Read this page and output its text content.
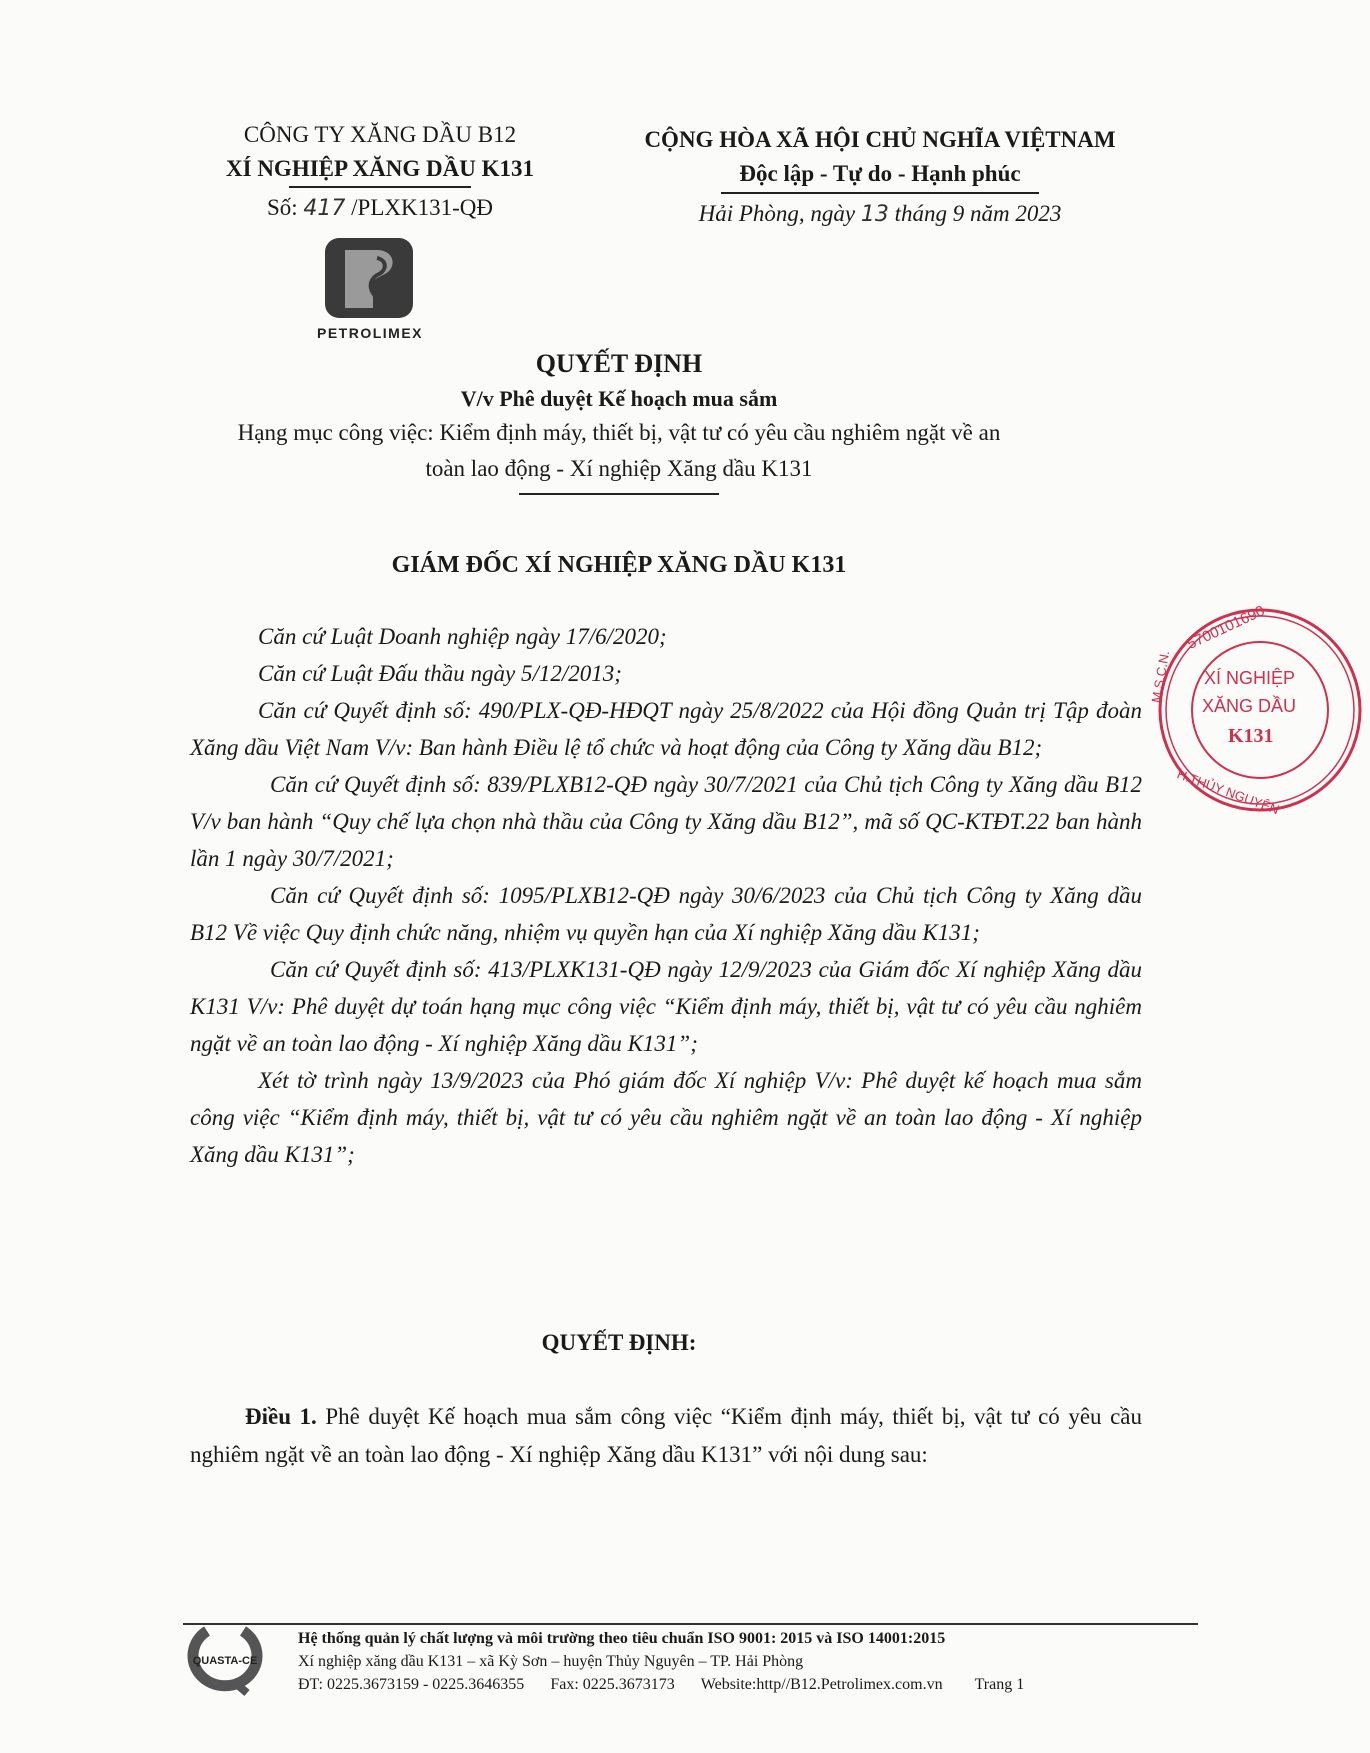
CÔNG TY XĂNG DẦU B12
XÍ NGHIỆP XĂNG DẦU K131
Số: 417 /PLXK131-QĐ
PETROLIMEX
CỘNG HÒA XÃ HỘI CHỦ NGHĨA VIỆTNAM
Độc lập - Tự do - Hạnh phúc
Hải Phòng, ngày 13 tháng 9 năm 2023
QUYẾT ĐỊNH
V/v Phê duyệt Kế hoạch mua sắm
Hạng mục công việc: Kiểm định máy, thiết bị, vật tư có yêu cầu nghiêm ngặt về an
toàn lao động - Xí nghiệp Xăng dầu K131
GIÁM ĐỐC XÍ NGHIỆP XĂNG DẦU K131

Căn cứ Luật Doanh nghiệp ngày 17/6/2020;

Căn cứ Luật Đấu thầu ngày 5/12/2013;

Căn cứ Quyết định số: 490/PLX-QĐ-HĐQT ngày 25/8/2022 của Hội đồng Quản trị Tập đoàn Xăng dầu Việt Nam V/v: Ban hành Điều lệ tổ chức và hoạt động của Công ty Xăng dầu B12;

Căn cứ Quyết định số: 839/PLXB12-QĐ ngày 30/7/2021 của Chủ tịch Công ty Xăng dầu B12 V/v ban hành “Quy chế lựa chọn nhà thầu của Công ty Xăng dầu B12”, mã số QC-KTĐT.22 ban hành lần 1 ngày 30/7/2021;

Căn cứ Quyết định số: 1095/PLXB12-QĐ ngày 30/6/2023 của Chủ tịch Công ty Xăng dầu B12 Về việc Quy định chức năng, nhiệm vụ quyền hạn của Xí nghiệp Xăng dầu K131;

Căn cứ Quyết định số: 413/PLXK131-QĐ ngày 12/9/2023 của Giám đốc Xí nghiệp Xăng dầu K131 V/v: Phê duyệt dự toán hạng mục công việc “Kiểm định máy, thiết bị, vật tư có yêu cầu nghiêm ngặt về an toàn lao động - Xí nghiệp Xăng dầu K131”;

Xét tờ trình ngày 13/9/2023 của Phó giám đốc Xí nghiệp V/v: Phê duyệt kế hoạch mua sắm công việc “Kiểm định máy, thiết bị, vật tư có yêu cầu nghiêm ngặt về an toàn lao động - Xí nghiệp Xăng dầu K131”;

QUYẾT ĐỊNH:
Điều 1. Phê duyệt Kế hoạch mua sắm công việc “Kiểm định máy, thiết bị, vật tư có yêu cầu nghiêm ngặt về an toàn lao động - Xí nghiệp Xăng dầu K131” với nội dung sau:
5700101690
M.S.C.N. XÍ NGHIỆP
XĂNG DẦU
K131
H.THỦY NGUYÊN
QUASTA-CE
Hệ thống quản lý chất lượng và môi trường theo tiêu chuẩn ISO 9001: 2015 và ISO 14001:2015
Xí nghiệp xăng dầu K131 – xã Kỳ Sơn – huyện Thủy Nguyên – TP. Hải Phòng
ĐT: 0225.3673159 - 0225.3646355 Fax: 0225.3673173 Website:http//B12.Petrolimex.com.vn Trang 1
